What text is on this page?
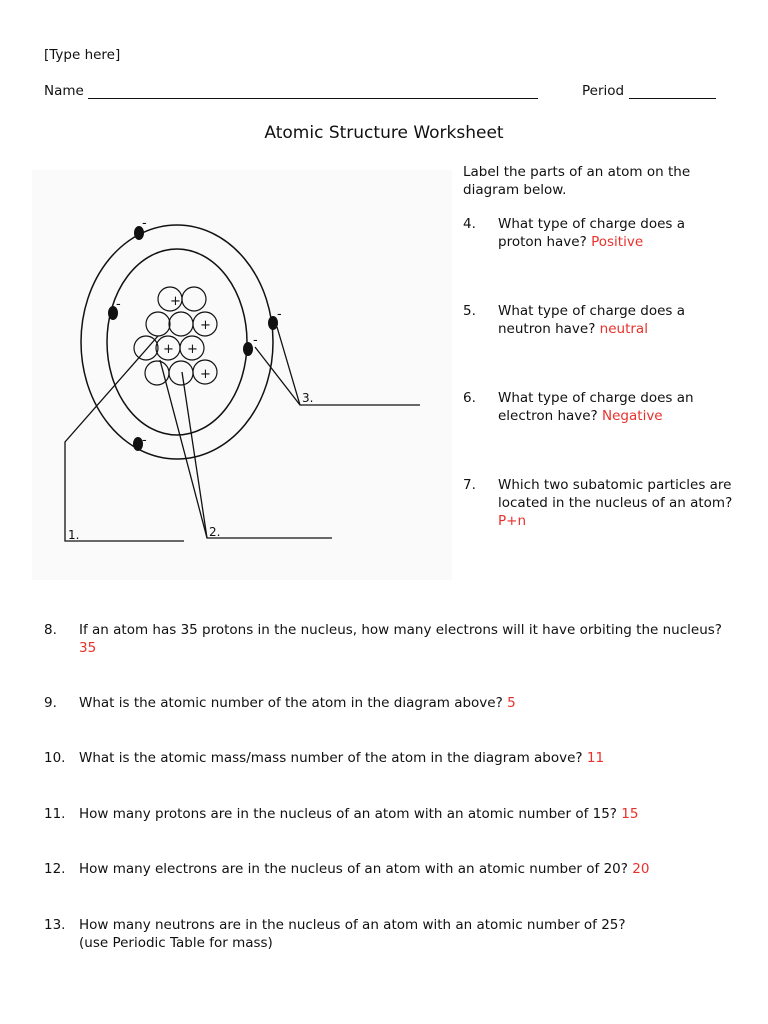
[Type here]
Name	Period
Atomic Structure Worksheet
+
+
+ +
+
-
-
-
-
-
1.	2.
3.
Label the parts of an atom on the diagram below.
4. What type of charge does a proton have? Positive
5. What type of charge does a neutron have? neutral
6. What type of charge does an electron have? Negative
7. Which two subatomic particles are located in the nucleus of an atom? P+n
8. If an atom has 35 protons in the nucleus, how many electrons will it have orbiting the nucleus? 35
9. What is the atomic number of the atom in the diagram above? 5
10. What is the atomic mass/mass number of the atom in the diagram above? 11
11. How many protons are in the nucleus of an atom with an atomic number of 15? 15
12. How many electrons are in the nucleus of an atom with an atomic number of 20? 20
13. How many neutrons are in the nucleus of an atom with an atomic number of 25?
(use Periodic Table for mass)
